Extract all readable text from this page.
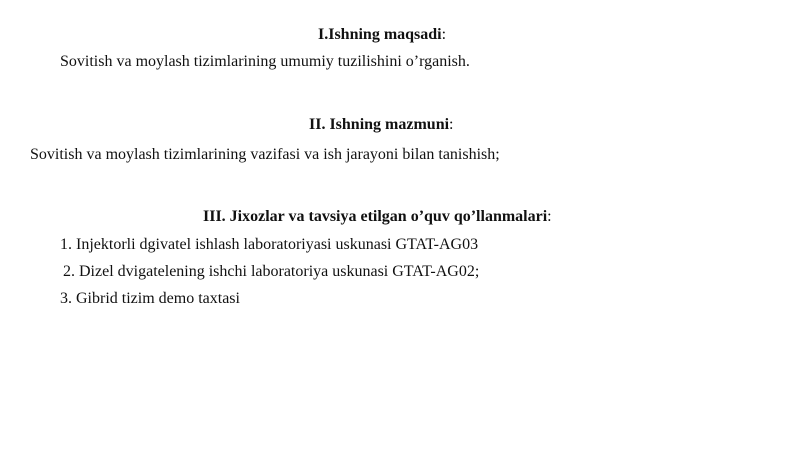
I.Ishning maqsadi:
Sovitish va moylash tizimlarining umumiy tuzilishini o’rganish.
II. Ishning mazmuni:
Sovitish va moylash tizimlarining vazifasi va ish jarayoni bilan tanishish;
III. Jixozlar va tavsiya etilgan o’quv qo’llanmalari:
1. Injektorli dgivatel ishlash laboratoriyasi uskunasi GTAT-AG03
2. Dizel dvigatelening ishchi laboratoriya uskunasi GTAT-AG02;
3. Gibrid tizim demo taxtasi
